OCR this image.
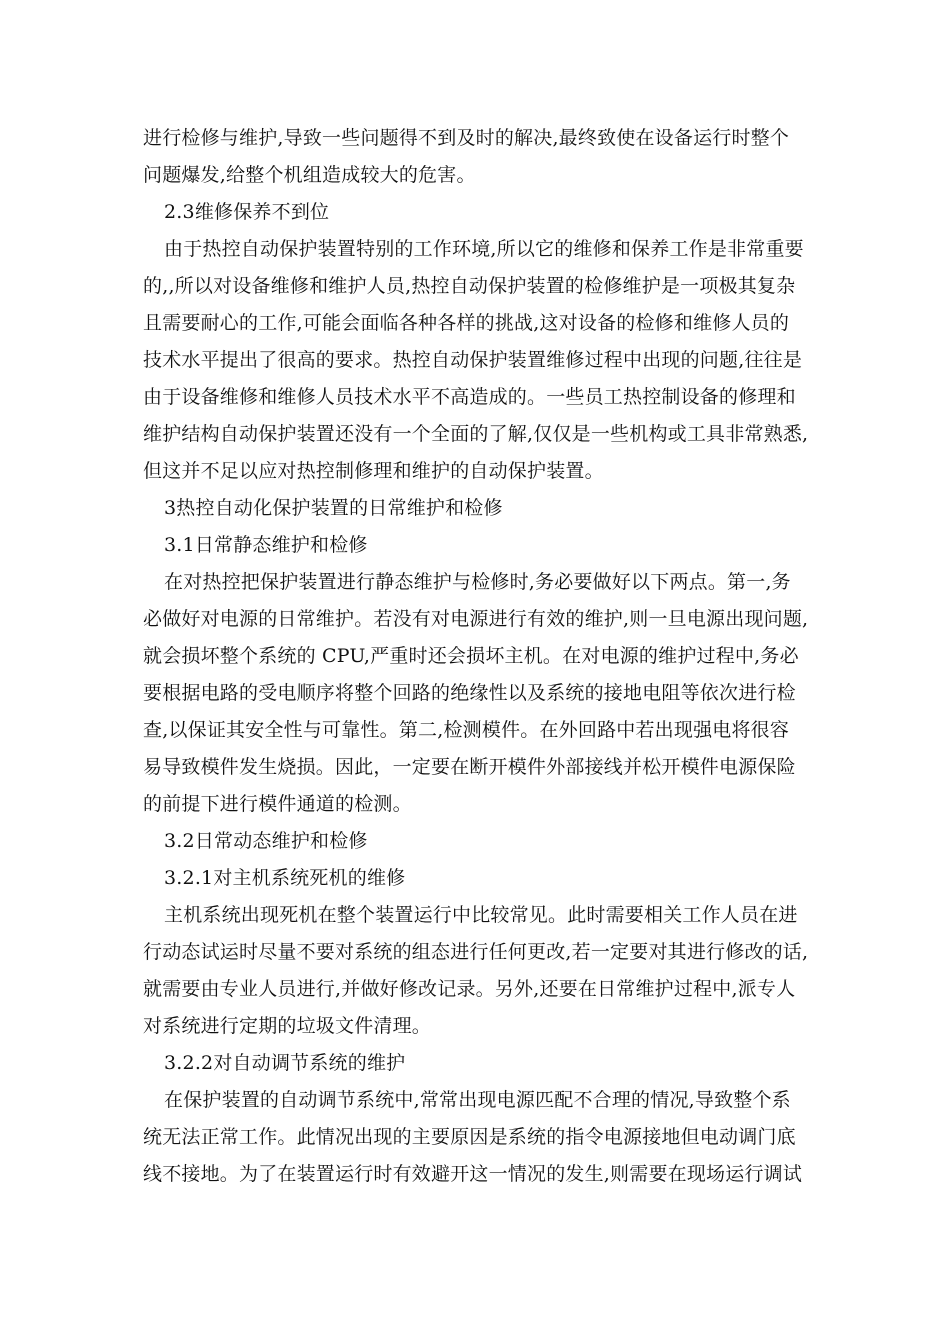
进行检修与维护,导致一些问题得不到及时的解决,最终致使在设备运行时整个
问题爆发,给整个机组造成较大的危害。
2.3维修保养不到位
由于热控自动保护装置特别的工作环境,所以它的维修和保养工作是非常重要
的,,所以对设备维修和维护人员,热控自动保护装置的检修维护是一项极其复杂
且需要耐心的工作,可能会面临各种各样的挑战,这对设备的检修和维修人员的
技术水平提出了很高的要求。热控自动保护装置维修过程中出现的问题,往往是
由于设备维修和维修人员技术水平不高造成的。一些员工热控制设备的修理和
维护结构自动保护装置还没有一个全面的了解,仅仅是一些机构或工具非常熟悉,
但这并不足以应对热控制修理和维护的自动保护装置。
3热控自动化保护装置的日常维护和检修
3.1日常静态维护和检修
在对热控把保护装置进行静态维护与检修时,务必要做好以下两点。第一,务
必做好对电源的日常维护。若没有对电源进行有效的维护,则一旦电源出现问题,
就会损坏整个系统的 CPU,严重时还会损坏主机。在对电源的维护过程中,务必
要根据电路的受电顺序将整个回路的绝缘性以及系统的接地电阻等依次进行检
查,以保证其安全性与可靠性。第二,检测模件。在外回路中若出现强电将很容
易导致模件发生烧损。因此，一定要在断开模件外部接线并松开模件电源保险
的前提下进行模件通道的检测。
3.2日常动态维护和检修
3.2.1对主机系统死机的维修
主机系统出现死机在整个装置运行中比较常见。此时需要相关工作人员在进
行动态试运时尽量不要对系统的组态进行任何更改,若一定要对其进行修改的话,
就需要由专业人员进行,并做好修改记录。另外,还要在日常维护过程中,派专人
对系统进行定期的垃圾文件清理。
3.2.2对自动调节系统的维护
在保护装置的自动调节系统中,常常出现电源匹配不合理的情况,导致整个系
统无法正常工作。此情况出现的主要原因是系统的指令电源接地但电动调门底
线不接地。为了在装置运行时有效避开这一情况的发生,则需要在现场运行调试
